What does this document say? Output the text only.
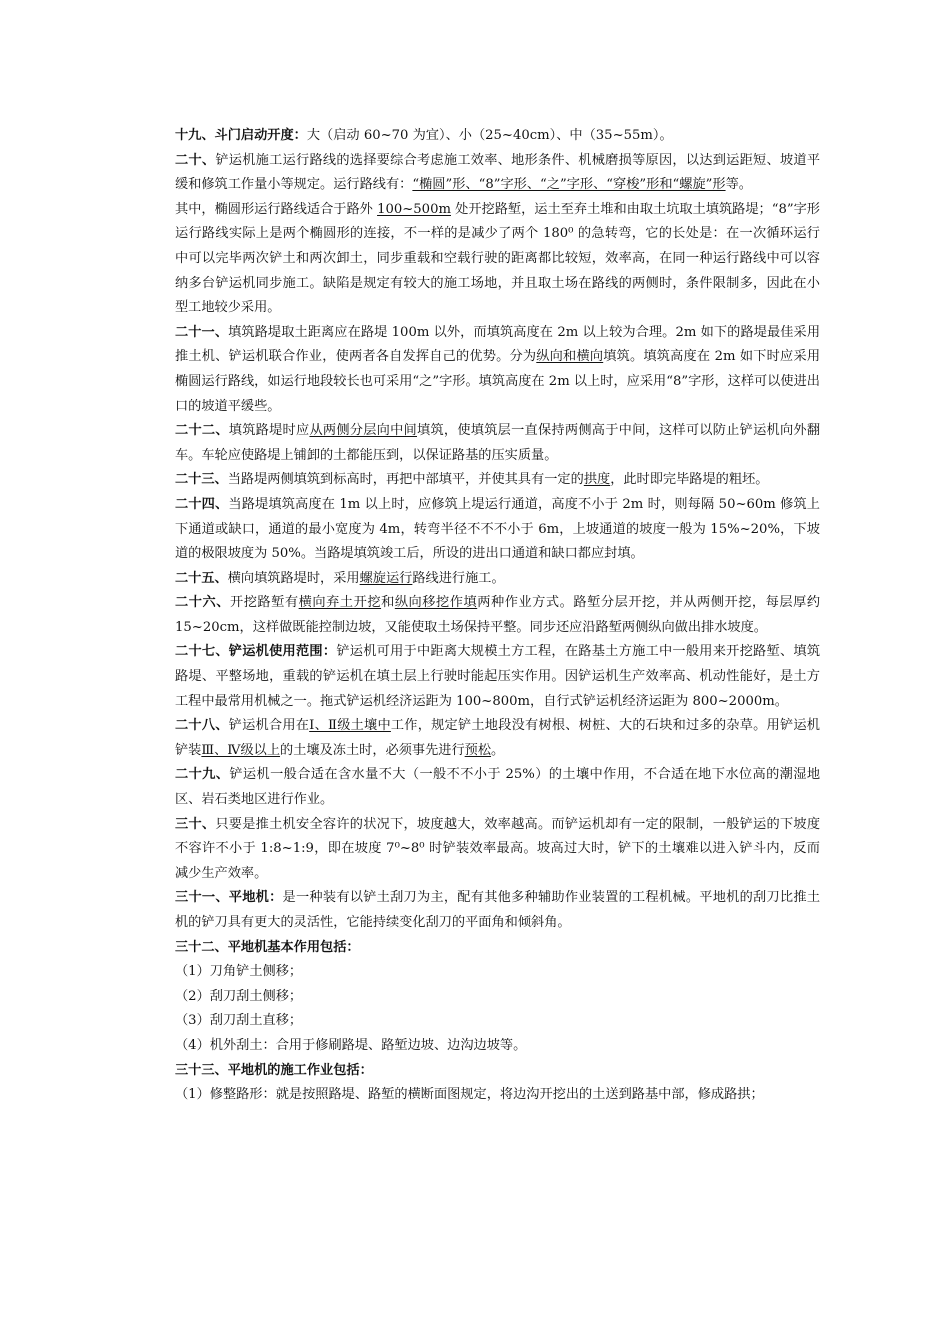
十九、斗门启动开度：大（启动 60~70 为宜）、小（25~40cm）、中（35~55m）。

二十、铲运机施工运行路线的选择要综合考虑施工效率、地形条件、机械磨损等原因，以达到运距短、坡道平缓和修筑工作量小等规定。运行路线有：“椭圆”形、“8”字形、“之”字形、“穿梭”形和“螺旋”形等。

其中，椭圆形运行路线适合于路外 100~500m 处开挖路堑，运土至弃土堆和由取土坑取土填筑路堤；“8”字形运行路线实际上是两个椭圆形的连接，不一样的是减少了两个 180⁰ 的急转弯，它的长处是：在一次循环运行中可以完毕两次铲土和两次卸土，同步重载和空载行驶的距离都比较短，效率高，在同一种运行路线中可以容纳多台铲运机同步施工。缺陷是规定有较大的施工场地，并且取土场在路线的两侧时，条件限制多，因此在小型工地较少采用。

二十一、填筑路堤取土距离应在路堤 100m 以外，而填筑高度在 2m 以上较为合理。2m 如下的路堤最佳采用推土机、铲运机联合作业，使两者各自发挥自己的优势。分为纵向和横向填筑。填筑高度在 2m 如下时应采用椭圆运行路线，如运行地段较长也可采用“之”字形。填筑高度在 2m 以上时，应采用“8”字形，这样可以使进出口的坡道平缓些。

二十二、填筑路堤时应从两侧分层向中间填筑，使填筑层一直保持两侧高于中间，这样可以防止铲运机向外翻车。车轮应使路堤上铺卸的土都能压到，以保证路基的压实质量。

二十三、当路堤两侧填筑到标高时，再把中部填平，并使其具有一定的拱度，此时即完毕路堤的粗坯。

二十四、当路堤填筑高度在 1m 以上时，应修筑上堤运行通道，高度不小于 2m 时，则每隔 50~60m 修筑上下通道或缺口，通道的最小宽度为 4m，转弯半径不不不小于 6m，上坡通道的坡度一般为 15%~20%，下坡道的极限坡度为 50%。当路堤填筑竣工后，所设的进出口通道和缺口都应封填。

二十五、横向填筑路堤时，采用螺旋运行路线进行施工。

二十六、开挖路堑有横向弃土开挖和纵向移挖作填两种作业方式。路堑分层开挖，并从两侧开挖，每层厚约 15~20cm，这样做既能控制边坡，又能使取土场保持平整。同步还应沿路堑两侧纵向做出排水坡度。

二十七、铲运机使用范围：铲运机可用于中距离大规模土方工程，在路基土方施工中一般用来开挖路堑、填筑路堤、平整场地，重载的铲运机在填土层上行驶时能起压实作用。因铲运机生产效率高、机动性能好，是土方工程中最常用机械之一。拖式铲运机经济运距为 100~800m，自行式铲运机经济运距为 800~2000m。

二十八、铲运机合用在Ⅰ、Ⅱ级土壤中工作，规定铲土地段没有树根、树桩、大的石块和过多的杂草。用铲运机铲装Ⅲ、Ⅳ级以上的土壤及冻土时，必须事先进行预松。

二十九、铲运机一般合适在含水量不大（一般不不小于 25%）的土壤中作用，不合适在地下水位高的潮湿地区、岩石类地区进行作业。

三十、只要是推土机安全容许的状况下，坡度越大，效率越高。而铲运机却有一定的限制，一般铲运的下坡度不容许不小于 1:8~1:9，即在坡度 7⁰~8⁰ 时铲装效率最高。坡高过大时，铲下的土壤难以进入铲斗内，反而减少生产效率。

三十一、平地机：是一种装有以铲土刮刀为主，配有其他多种辅助作业装置的工程机械。平地机的刮刀比推土机的铲刀具有更大的灵活性，它能持续变化刮刀的平面角和倾斜角。

三十二、平地机基本作用包括：

（1）刀角铲土侧移；

（2）刮刀刮土侧移；

（3）刮刀刮土直移；

（4）机外刮土：合用于修刷路堤、路堑边坡、边沟边坡等。

三十三、平地机的施工作业包括：

（1）修整路形：就是按照路堤、路堑的横断面图规定，将边沟开挖出的土送到路基中部，修成路拱；
